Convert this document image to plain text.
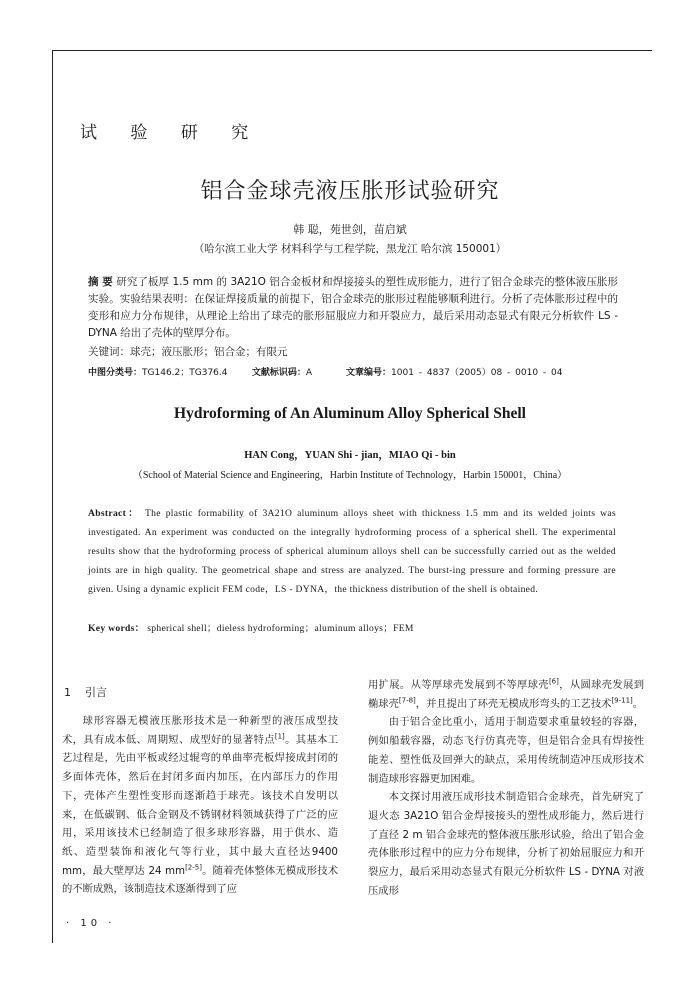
试 验 研 究
铝合金球壳液压胀形试验研究
韩 聪，苑世剑，苗启斌
（哈尔滨工业大学 材料科学与工程学院，黑龙江 哈尔滨 150001）
摘 要 研究了板厚 1.5 mm 的 3A21O 铝合金板材和焊接接头的塑性成形能力，进行了铝合金球壳的整体液压胀形实验。实验结果表明：在保证焊接质量的前提下，铝合金球壳的胀形过程能够顺利进行。分析了壳体胀形过程中的变形和应力分布规律，从理论上给出了球壳的胀形屈服应力和开裂应力，最后采用动态显式有限元分析软件 LS - DYNA 给出了壳体的壁厚分布。
关键词：球壳；液压胀形；铝合金；有限元
中图分类号：TG146.2；TG376.4	文献标识码：A	文章编号：1001 - 4837（2005）08 - 0010 - 04
Hydroforming of An Aluminum Alloy Spherical Shell
HAN Cong，YUAN Shi - jian，MIAO Qi - bin
（School of Material Science and Engineering，Harbin Institute of Technology，Harbin 150001，China）
Abstract： The plastic formability of 3A21O aluminum alloys sheet with thickness 1.5 mm and its welded joints was investigated. An experiment was conducted on the integrally hydroforming process of a spherical shell. The experimental results show that the hydroforming process of spherical aluminum alloys shell can be successfully carried out as the welded joints are in high quality. The geometrical shape and stress are analyzed. The burst-ing pressure and forming pressure are given. Using a dynamic explicit FEM code，LS - DYNA，the thickness distribution of the shell is obtained.
Key words： spherical shell；dieless hydroforming；aluminum alloys；FEM
1 引言

球形容器无模液压胀形技术是一种新型的液压成型技术，具有成本低、周期短、成型好的显著特点[1]。其基本工艺过程是，先由平板或经过辊弯的单曲率壳板焊接成封闭的多面体壳体，然后在封闭多面内加压，在内部压力的作用下，壳体产生塑性变形而逐渐趋于球壳。该技术自发明以来，在低碳钢、低合金钢及不锈钢材料领域获得了广泛的应用，采用该技术已经制造了很多球形容器，用于供水、造纸、造型装饰和液化气等行业，其中最大直径达9400 mm，最大壁厚达 24 mm[2-5]。随着壳体整体无模成形技术的不断成熟，该制造技术逐渐得到了应

用扩展。从等厚球壳发展到不等厚球壳[6]，从圆球壳发展到椭球壳[7-8]，并且提出了环壳无模成形弯头的工艺技术[9-11]。

由于铝合金比重小，适用于制造要求重量较轻的容器，例如船载容器，动态飞行仿真壳等，但是铝合金具有焊接性能差、塑性低及回弹大的缺点，采用传统制造冲压成形技术制造球形容器更加困难。

本文探讨用液压成形技术制造铝合金球壳，首先研究了退火态 3A21O 铝合金焊接接头的塑性成形能力，然后进行了直径 2 m 铝合金球壳的整体液压胀形试验，给出了铝合金壳体胀形过程中的应力分布规律，分析了初始屈服应力和开裂应力，最后采用动态显式有限元分析软件 LS - DYNA 对液压成形

· 10 ·
